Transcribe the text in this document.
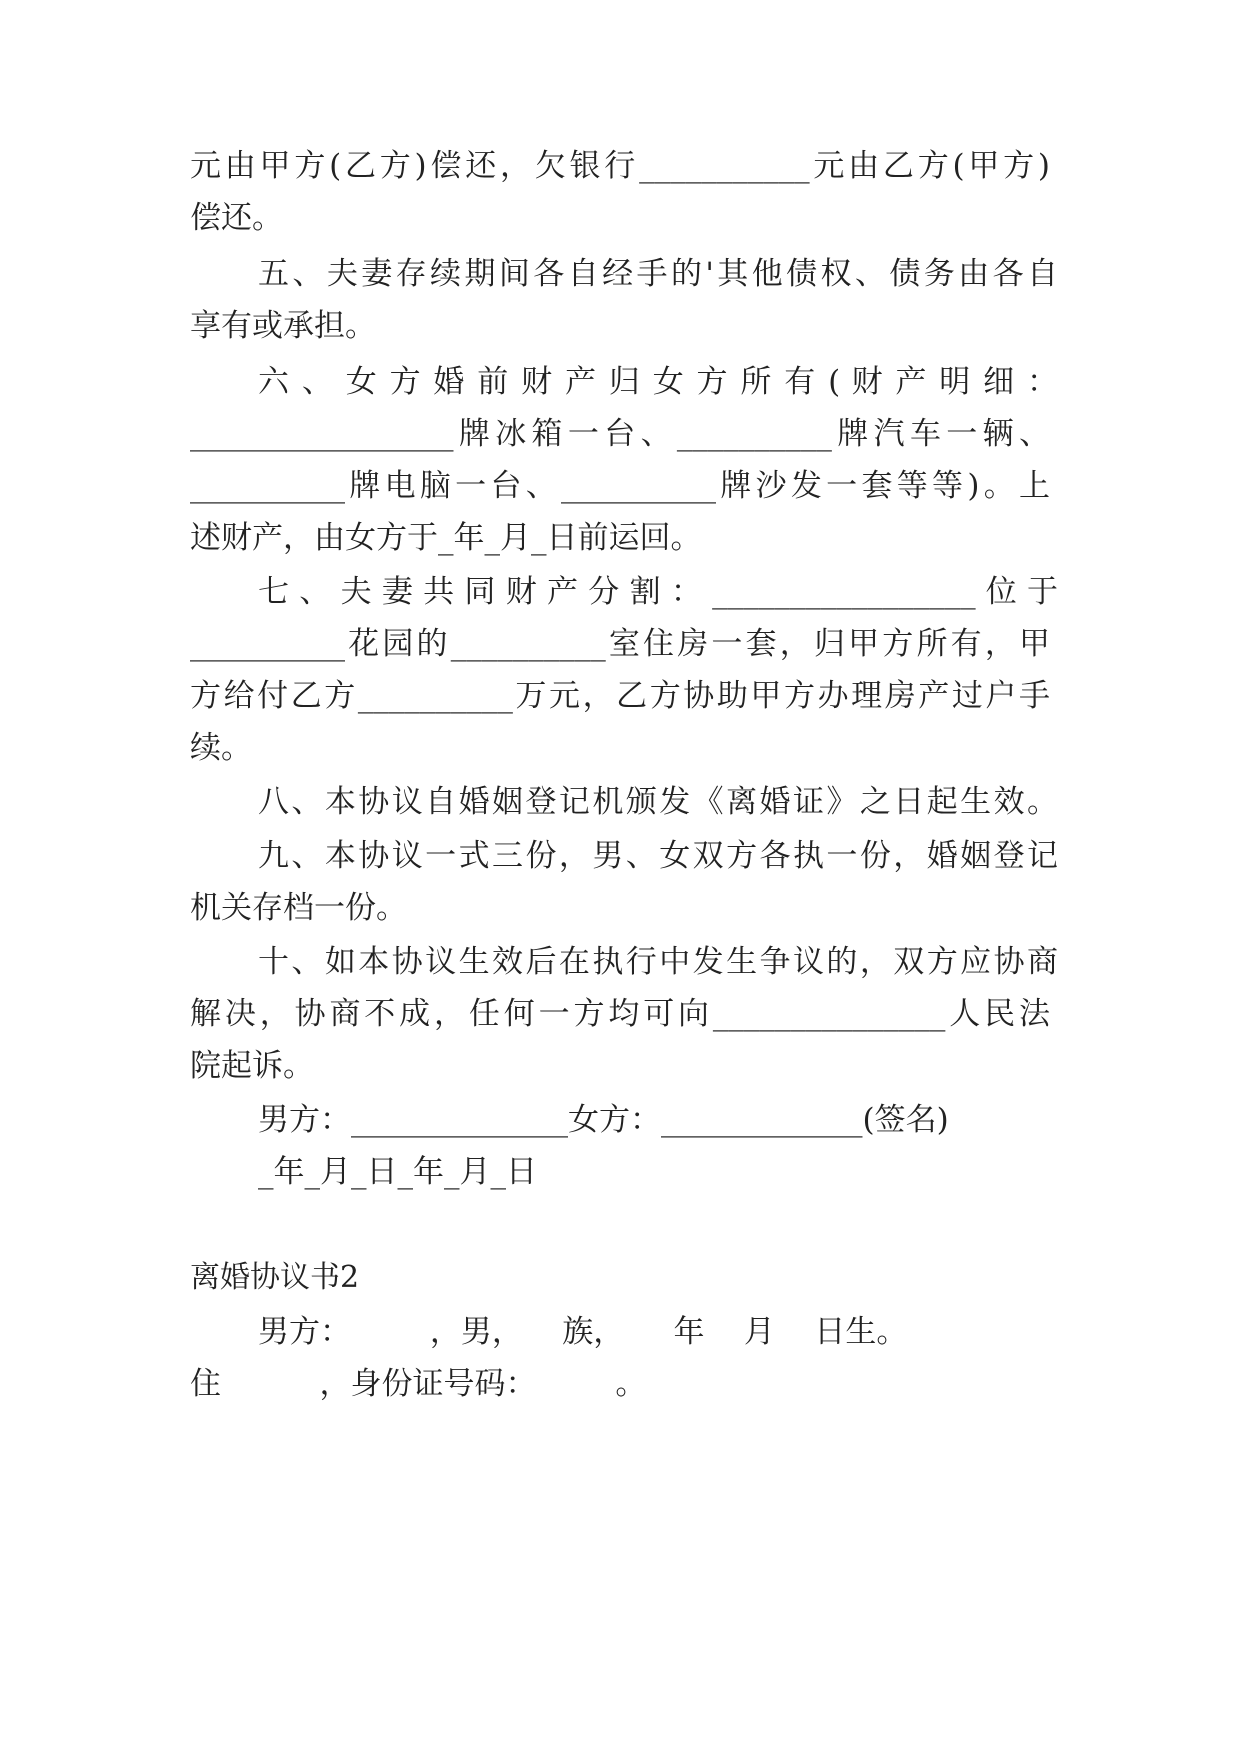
元由甲方(乙方)偿还，欠银行___________元由乙方(甲方)
偿还。
五、夫妻存续期间各自经手的'其他债权、债务由各自
享有或承担。
六 、 女 方 婚 前 财 产 归 女 方 所 有 ( 财 产 明 细 ：
_________________牌冰箱一台、__________牌汽车一辆、
__________牌电脑一台、__________牌沙发一套等等)。上
述财产，由女方于_年_月_日前运回。
七 、 夫 妻 共 同 财 产 分 割 ： _________________ 位 于
__________花园的__________室住房一套，归甲方所有，甲
方给付乙方__________万元，乙方协助甲方办理房产过户手
续。
八、本协议自婚姻登记机颁发《离婚证》之日起生效。
九、本协议一式三份，男、女双方各执一份，婚姻登记
机关存档一份。
十、如本协议生效后在执行中发生争议的，双方应协商
解决，协商不成，任何一方均可向_______________人民法
院起诉。
男方：______________女方：_____________(签名)
_年_月_日_年_月_日
离婚协议书2
男方：        ，男，    族，     年    月    日生。
住          ，身份证号码：        。
